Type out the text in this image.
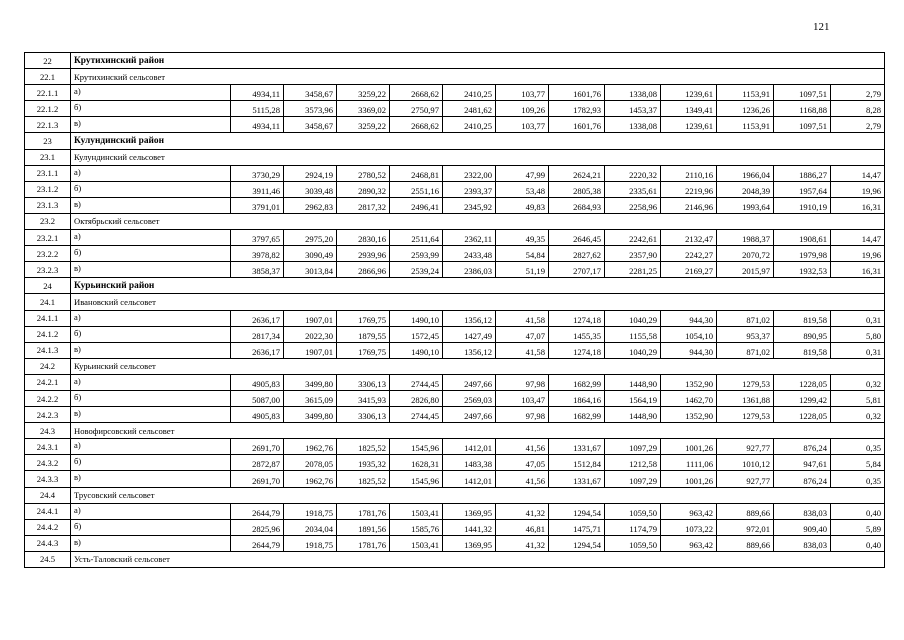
121
22	Крутихинский район												
22.1	Крутихинский сельсовет												
22.1.1	а)	4934,11	3458,67	3259,22	2668,62	2410,25	103,77	1601,76	1338,08	1239,61	1153,91	1097,51	2,79
22.1.2	б)	5115,28	3573,96	3369,02	2750,97	2481,62	109,26	1782,93	1453,37	1349,41	1236,26	1168,88	8,28
22.1.3	в)	4934,11	3458,67	3259,22	2668,62	2410,25	103,77	1601,76	1338,08	1239,61	1153,91	1097,51	2,79
23	Кулундинский район												
23.1	Кулундинский сельсовет												
23.1.1	а)	3730,29	2924,19	2780,52	2468,81	2322,00	47,99	2624,21	2220,32	2110,16	1966,04	1886,27	14,47
23.1.2	б)	3911,46	3039,48	2890,32	2551,16	2393,37	53,48	2805,38	2335,61	2219,96	2048,39	1957,64	19,96
23.1.3	в)	3791,01	2962,83	2817,32	2496,41	2345,92	49,83	2684,93	2258,96	2146,96	1993,64	1910,19	16,31
23.2	Октябрьский сельсовет												
23.2.1	а)	3797,65	2975,20	2830,16	2511,64	2362,11	49,35	2646,45	2242,61	2132,47	1988,37	1908,61	14,47
23.2.2	б)	3978,82	3090,49	2939,96	2593,99	2433,48	54,84	2827,62	2357,90	2242,27	2070,72	1979,98	19,96
23.2.3	в)	3858,37	3013,84	2866,96	2539,24	2386,03	51,19	2707,17	2281,25	2169,27	2015,97	1932,53	16,31
24	Курьинский район												
24.1	Ивановский сельсовет												
24.1.1	а)	2636,17	1907,01	1769,75	1490,10	1356,12	41,58	1274,18	1040,29	944,30	871,02	819,58	0,31
24.1.2	б)	2817,34	2022,30	1879,55	1572,45	1427,49	47,07	1455,35	1155,58	1054,10	953,37	890,95	5,80
24.1.3	в)	2636,17	1907,01	1769,75	1490,10	1356,12	41,58	1274,18	1040,29	944,30	871,02	819,58	0,31
24.2	Курьинский сельсовет												
24.2.1	а)	4905,83	3499,80	3306,13	2744,45	2497,66	97,98	1682,99	1448,90	1352,90	1279,53	1228,05	0,32
24.2.2	б)	5087,00	3615,09	3415,93	2826,80	2569,03	103,47	1864,16	1564,19	1462,70	1361,88	1299,42	5,81
24.2.3	в)	4905,83	3499,80	3306,13	2744,45	2497,66	97,98	1682,99	1448,90	1352,90	1279,53	1228,05	0,32
24.3	Новофирсовский сельсовет												
24.3.1	а)	2691,70	1962,76	1825,52	1545,96	1412,01	41,56	1331,67	1097,29	1001,26	927,77	876,24	0,35
24.3.2	б)	2872,87	2078,05	1935,32	1628,31	1483,38	47,05	1512,84	1212,58	1111,06	1010,12	947,61	5,84
24.3.3	в)	2691,70	1962,76	1825,52	1545,96	1412,01	41,56	1331,67	1097,29	1001,26	927,77	876,24	0,35
24.4	Трусовский сельсовет												
24.4.1	а)	2644,79	1918,75	1781,76	1503,41	1369,95	41,32	1294,54	1059,50	963,42	889,66	838,03	0,40
24.4.2	б)	2825,96	2034,04	1891,56	1585,76	1441,32	46,81	1475,71	1174,79	1073,22	972,01	909,40	5,89
24.4.3	в)	2644,79	1918,75	1781,76	1503,41	1369,95	41,32	1294,54	1059,50	963,42	889,66	838,03	0,40
24.5	Усть-Таловский сельсовет												
